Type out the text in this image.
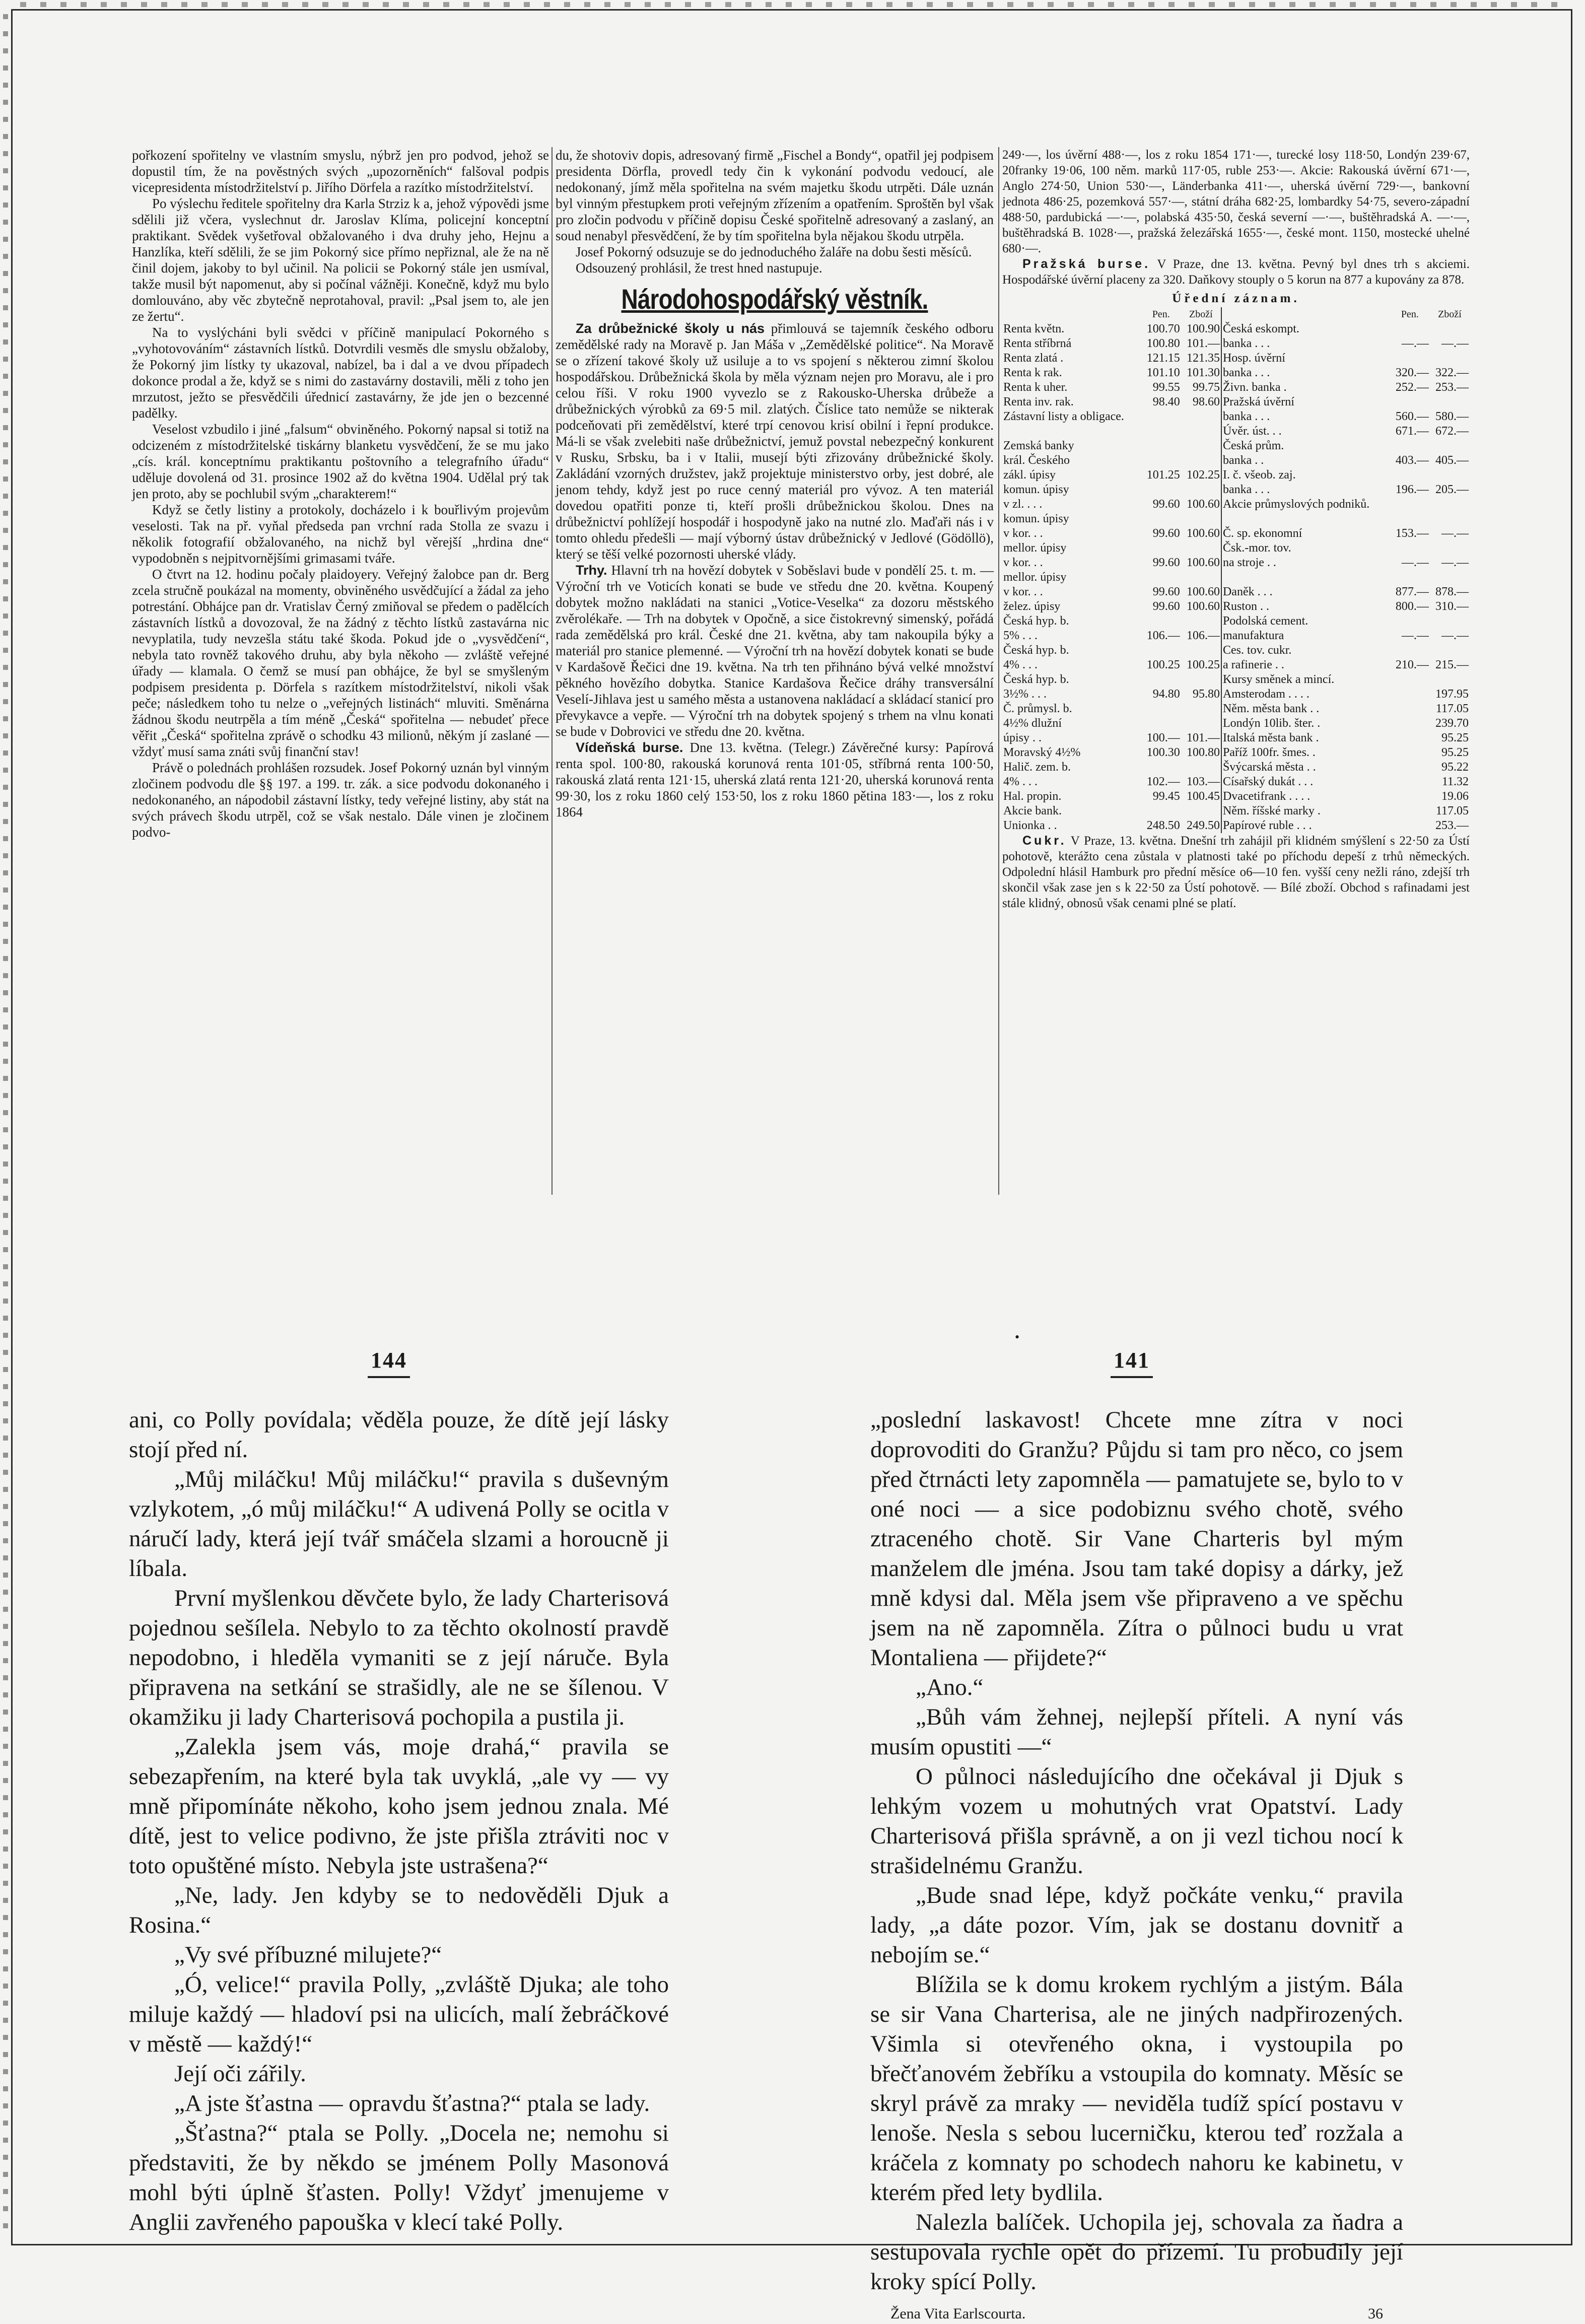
pořkození spořitelny ve vlastním smyslu, nýbrž jen pro podvod, jehož se dopustil tím, že na pověstných svých „upozorněních“ falšoval podpis vicepresidenta místodržitelství p. Jiřího Dörfela a razítko místodržitelství.

Po výslechu ředitele spořitelny dra Karla Strziz k a, jehož výpovědi jsme sdělili již včera, vyslechnut dr. Jaroslav Klíma, policejní konceptní praktikant. Svědek vyšetřoval obžalovaného i dva druhy jeho, Hejnu a Hanzlíka, kteří sdělili, že se jim Pokorný sice přímo nepřiznal, ale že na ně činil dojem, jakoby to byl učinil. Na policii se Pokorný stále jen usmíval, takže musil být napomenut, aby si počínal vážněji. Konečně, když mu bylo domlouváno, aby věc zbytečně neprotahoval, pravil: „Psal jsem to, ale jen ze žertu“.

Na to vyslýcháni byli svědci v příčině manipulací Pokorného s „vyhotovováním“ zástavních lístků. Dotvrdili vesměs dle smyslu obžaloby, že Pokorný jim lístky ty ukazoval, nabízel, ba i dal a ve dvou případech dokonce prodal a že, když se s nimi do zastavárny dostavili, měli z toho jen mrzutost, ježto se přesvědčili úřednicí zastavárny, že jde jen o bezcenné padělky.

Veselost vzbudilo i jiné „falsum“ obviněného. Pokorný napsal si totiž na odcizeném z místodržitelské tiskárny blanketu vysvědčení, že se mu jako „cís. král. konceptnímu praktikantu poštovního a telegrafního úřadu“ uděluje dovolená od 31. prosince 1902 až do května 1904. Udělal prý tak jen proto, aby se pochlubil svým „charakterem!“

Když se četly listiny a protokoly, docházelo i k bouřlivým projevům veselosti. Tak na př. vyňal předseda pan vrchní rada Stolla ze svazu i několik fotografií obžalovaného, na nichž byl věrejší „hrdina dne“ vypodobněn s nejpitvornějšími grimasami tváře.

O čtvrt na 12. hodinu počaly plaidoyery. Veřejný žalobce pan dr. Berg zcela stručně poukázal na momenty, obviněného usvědčující a žádal za jeho potrestání. Obhájce pan dr. Vratislav Černý zmiňoval se předem o padělcích zástavních lístků a dovozoval, že na žádný z těchto lístků zastavárna nic nevyplatila, tudy nevzešla státu také škoda. Pokud jde o „vysvědčení“, nebyla tato rovněž takového druhu, aby byla někoho — zvláště veřejné úřady — klamala. O čemž se musí pan obhájce, že byl se smyšleným podpisem presidenta p. Dörfela s razítkem místodržitelství, nikoli však peče; následkem toho tu nelze o „veřejných listinách“ mluviti. Směnárna žádnou škodu neutrpěla a tím méně „Česká“ spořitelna — nebudeť přece věřit „Česká“ spořitelna zprávě o schodku 43 milionů, někým jí zaslané — vždyť musí sama znáti svůj finanční stav!

Právě o polednách prohlášen rozsudek. Josef Pokorný uznán byl vinným zločinem podvodu dle §§ 197. a 199. tr. zák. a sice podvodu dokonaného i nedokonaného, an nápodobil zástavní lístky, tedy veřejné listiny, aby stát na svých právech škodu utrpěl, což se však nestalo. Dále vinen je zločinem podvo-

du, že shotoviv dopis, adresovaný firmě „Fischel a Bondy“, opatřil jej podpisem presidenta Dörfla, provedl tedy čin k vykonání podvodu vedoucí, ale nedokonaný, jímž měla spořitelna na svém majetku škodu utrpěti. Dále uznán byl vinným přestupkem proti veřejným zřízením a opatřením. Sproštěn byl však pro zločin podvodu v příčině dopisu České spořitelně adresovaný a zaslaný, an soud nenabyl přesvědčení, že by tím spořitelna byla nějakou škodu utrpěla.

Josef Pokorný odsuzuje se do jednoduchého žaláře na dobu šesti měsíců.

Odsouzený prohlásil, že trest hned nastupuje.

Národohospodářský věstník.

Za drůbežnické školy u nás přimlouvá se tajemník českého odboru zemědělské rady na Moravě p. Jan Máša v „Zemědělské politice“. Na Moravě se o zřízení takové školy už usiluje a to vs spojení s některou zimní školou hospodářskou. Drůbežnická škola by měla význam nejen pro Moravu, ale i pro celou říši. V roku 1900 vyvezlo se z Rakousko-Uherska drůbeže a drůbežnických výrobků za 69·5 mil. zlatých. Číslice tato nemůže se nikterak podceňovati při zemědělství, které trpí cenovou krisí obilní i řepní produkce. Má-li se však zvelebiti naše drůbežnictví, jemuž povstal nebezpečný konkurent v Rusku, Srbsku, ba i v Italii, musejí býti zřizovány drůbežnické školy. Zakládání vzorných družstev, jakž projektuje ministerstvo orby, jest dobré, ale jenom tehdy, když jest po ruce cenný materiál pro vývoz. A ten materiál dovedou opatřiti ponze ti, kteří prošli drůbežnickou školou. Dnes na drůbežnictví pohlížejí hospodář i hospodyně jako na nutné zlo. Maďaři nás i v tomto ohledu předešli — mají výborný ústav drůbežnický v Jedlové (Gödöllö), který se těší velké pozornosti uherské vlády.

Trhy. Hlavní trh na hovězí dobytek v Soběslavi bude v pondělí 25. t. m. — Výroční trh ve Voticích konati se bude ve středu dne 20. května. Koupený dobytek možno nakládati na stanici „Votice-Veselka“ za dozoru městského zvěrolékaře. — Trh na dobytek v Opočně, a sice čistokrevný simenský, pořádá rada zemědělská pro král. České dne 21. května, aby tam nakoupila býky a materiál pro stanice plemenné. — Výroční trh na hovězí dobytek konati se bude v Kardašově Řečici dne 19. května. Na trh ten přihnáno bývá velké množství pěkného hovězího dobytka. Stanice Kardašova Řečice dráhy transversální Veselí-Jihlava jest u samého města a ustanovena nakládací a skládací stanicí pro převykavce a vepře. — Výroční trh na dobytek spojený s trhem na vlnu konati se bude v Dobrovici ve středu dne 20. května.

Vídeňská burse. Dne 13. května. (Telegr.) Závěrečné kursy: Papírová renta spol. 100·80, rakouská korunová renta 101·05, stříbrná renta 100·50, rakouská zlatá renta 121·15, uherská zlatá renta 121·20, uherská korunová renta 99·30, los z roku 1860 celý 153·50, los z roku 1860 pětina 183·—, los z roku 1864

249·—, los úvěrní 488·—, los z roku 1854 171·—, turecké losy 118·50, Londýn 239·67, 20franky 19·06, 100 něm. marků 117·05, ruble 253·—. Akcie: Rakouská úvěrní 671·—, Anglo 274·50, Union 530·—, Länderbanka 411·—, uherská úvěrní 729·—, bankovní jednota 486·25, pozemková 557·—, státní dráha 682·25, lombardky 54·75, severo-západní 488·50, pardubická —·—, polabská 435·50, česká severní —·—, buštěhradská A. —·—, buštěhradská B. 1028·—, pražská železářská 1655·—, české mont. 1150, mostecké uhelné 680·—.

Pražská burse. V Praze, dne 13. května. Pevný byl dnes trh s akciemi. Hospodářské úvěrní placeny za 320. Daňkovy stouply o 5 korun na 877 a kupovány za 878.

Úřední záznam.
	Pen.	Zboží		Pen.	Zboží
Renta květn.	100.70	100.90	Česká eskompt.		
Renta stříbrná	100.80	101.—	banka . . .	—.—	—.—
Renta zlatá .	121.15	121.35	Hosp. úvěrní		
Renta k rak.	101.10	101.30	banka . . .	320.—	322.—
Renta k uher.	99.55	99.75	Živn. banka .	252.—	253.—
Renta inv. rak.	98.40	98.60	Pražská úvěrní		
Zástavní listy a obligace.			banka . . .	560.—	580.—
			Úvěr. úst. . .	671.—	672.—
Zemská banky			Česká prům.		
král. Českého			banka . .	403.—	405.—
zákl. úpisy	101.25	102.25	I. č. všeob. zaj.		
komun. úpisy			banka . . .	196.—	205.—
v zl. . . .	99.60	100.60	Akcie průmyslových podniků.		
komun. úpisy					
v kor. . .	99.60	100.60	Č. sp. ekonomní	153.—	—.—
mellor. úpisy			Čsk.-mor. tov.		
v kor. . .	99.60	100.60	na stroje . .	—.—	—.—
mellor. úpisy					
v kor. . .	99.60	100.60	Daněk . . .	877.—	878.—
želez. úpisy	99.60	100.60	Ruston . .	800.—	310.—
Česká hyp. b.			Podolská cement.		
5% . . .	106.—	106.—	manufaktura	—.—	—.—
Česká hyp. b.			Ces. tov. cukr.		
4% . . .	100.25	100.25	a rafinerie . .	210.—	215.—
Česká hyp. b.			Kursy směnek a mincí.		
3½% . . .	94.80	95.80	Amsterodam . . . .		197.95
Č. průmysl. b.			Něm. města bank . .		117.05
4½% dlužní			Londýn 10lib. šter. .		239.70
úpisy . .	100.—	101.—	Italská města bank .		95.25
Moravský 4½%	100.30	100.80	Paříž 100fr. šmes. .		95.25
Halič. zem. b.			Švýcarská města . .		95.22
4% . . .	102.—	103.—	Císařský dukát . . .		11.32
Hal. propin.	99.45	100.45	Dvacetifrank . . . .		19.06
Akcie bank.			Něm. říšské marky .		117.05
Unionka . .	248.50	249.50	Papírové ruble . . .		253.—

Cukr. V Praze, 13. května. Dnešní trh zahájil při klidném smýšlení s 22·50 za Ústí pohotově, kterážto cena zůstala v platnosti také po příchodu depeší z trhů německých. Odpolední hlásil Hamburk pro přední měsíce o6—10 fen. vyšší ceny nežli ráno, zdejší trh skončil však zase jen s k 22·50 za Ústí pohotově. — Bílé zboží. Obchod s rafinadami jest stále klidný, obnosů však cenami plné se platí.

•
144	141

ani, co Polly povídala; věděla pouze, že dítě její lásky stojí před ní.

„Můj miláčku! Můj miláčku!“ pravila s duševným vzlykotem, „ó můj miláčku!“ A udivená Polly se ocitla v náručí lady, která její tvář smáčela slzami a horoucně ji líbala.

První myšlenkou děvčete bylo, že lady Charterisová pojednou sešílela. Nebylo to za těchto okolností pravdě nepodobno, i hleděla vymaniti se z její náruče. Byla připravena na setkání se strašidly, ale ne se šílenou. V okamžiku ji lady Charterisová pochopila a pustila ji.

„Zalekla jsem vás, moje drahá,“ pravila se sebezapřením, na které byla tak uvyklá, „ale vy — vy mně připomínáte někoho, koho jsem jednou znala. Mé dítě, jest to velice podivno, že jste přišla ztráviti noc v toto opuštěné místo. Nebyla jste ustrašena?“

„Ne, lady. Jen kdyby se to nedověděli Djuk a Rosina.“

„Vy své příbuzné milujete?“

„Ó, velice!“ pravila Polly, „zvláště Djuka; ale toho miluje každý — hladoví psi na ulicích, malí žebráčkové v městě — každý!“

Její oči zářily.

„A jste šťastna — opravdu šťastna?“ ptala se lady.

„Šťastna?“ ptala se Polly. „Docela ne; nemohu si představiti, že by někdo se jménem Polly Masonová mohl býti úplně šťasten. Polly! Vždyť jmenujeme v Anglii zavřeného papouška v klecí také Polly.

„poslední laskavost! Chcete mne zítra v noci doprovoditi do Granžu? Půjdu si tam pro něco, co jsem před čtrnácti lety zapomněla — pamatujete se, bylo to v oné noci — a sice podobiznu svého chotě, svého ztraceného chotě. Sir Vane Charteris byl mým manželem dle jména. Jsou tam také dopisy a dárky, jež mně kdysi dal. Měla jsem vše připraveno a ve spěchu jsem na ně zapomněla. Zítra o půlnoci budu u vrat Montaliena — přijdete?“

„Ano.“

„Bůh vám žehnej, nejlepší příteli. A nyní vás musím opustiti —“

O půlnoci následujícího dne očekával ji Djuk s lehkým vozem u mohutných vrat Opatství. Lady Charterisová přišla správně, a on ji vezl tichou nocí k strašidelnému Granžu.

„Bude snad lépe, když počkáte venku,“ pravila lady, „a dáte pozor. Vím, jak se dostanu dovnitř a nebojím se.“

Blížila se k domu krokem rychlým a jistým. Bála se sir Vana Charterisa, ale ne jiných nadpřirozených. Všimla si otevřeného okna, i vystoupila po břečťanovém žebříku a vstoupila do komnaty. Měsíc se skryl právě za mraky — neviděla tudíž spící postavu v lenoše. Nesla s sebou lucerničku, kterou teď rozžala a kráčela z komnaty po schodech nahoru ke kabinetu, v kterém před lety bydlila.

Nalezla balíček. Uchopila jej, schovala za ňadra a sestupovala rychle opět do přízemí. Tu probudily její kroky spící Polly.

Žena Vita Earlscourta.	36
